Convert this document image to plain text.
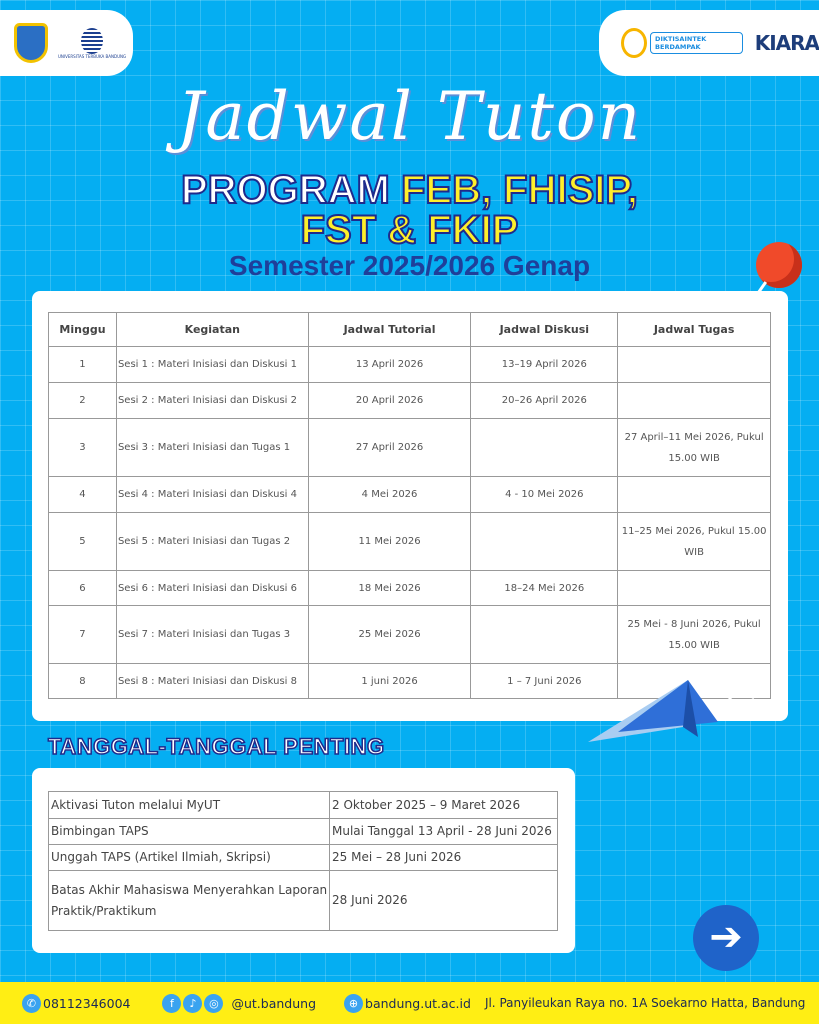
UNIVERSITAS TERBUKA BANDUNG
DIKTISAINTEK BERDAMPAK	KIARA
Jadwal Tuton
PROGRAM FEB, FHISIP,
FST & FKIP
Semester 2025/2026 Genap
Minggu	Kegiatan	Jadwal Tutorial	Jadwal Diskusi	Jadwal Tugas
1	Sesi 1 : Materi Inisiasi dan Diskusi 1	13 April 2026	13–19 April 2026	
2	Sesi 2 : Materi Inisiasi dan Diskusi 2	20 April 2026	20–26 April 2026	
3	Sesi 3 : Materi Inisiasi dan Tugas 1	27 April 2026		27 April–11 Mei 2026, Pukul 15.00 WIB
4	Sesi 4 : Materi Inisiasi dan Diskusi 4	4 Mei 2026	4 - 10 Mei 2026	
5	Sesi 5 : Materi Inisiasi dan Tugas 2	11 Mei 2026		11–25 Mei 2026, Pukul 15.00 WIB
6	Sesi 6 : Materi Inisiasi dan Diskusi 6	18 Mei 2026	18–24 Mei 2026	
7	Sesi 7 : Materi Inisiasi dan Tugas 3	25 Mei 2026		25 Mei - 8 Juni 2026, Pukul 15.00 WIB
8	Sesi 8 : Materi Inisiasi dan Diskusi 8	1 juni 2026	1 – 7 Juni 2026	
TANGGAL-TANGGAL PENTING
Aktivasi Tuton melalui MyUT	2 Oktober 2025 – 9 Maret 2026
Bimbingan TAPS	Mulai Tanggal 13 April - 28 Juni 2026
Unggah TAPS (Artikel Ilmiah, Skripsi)	25 Mei – 28 Juni 2026
Batas Akhir Mahasiswa Menyerahkan Laporan Praktik/Praktikum	28 Juni 2026
➔
✆ 08112346004	f	♪	◎	@ut.bandung	⊕ bandung.ut.ac.id Jl. Panyileukan Raya no. 1A Soekarno Hatta, Bandung
